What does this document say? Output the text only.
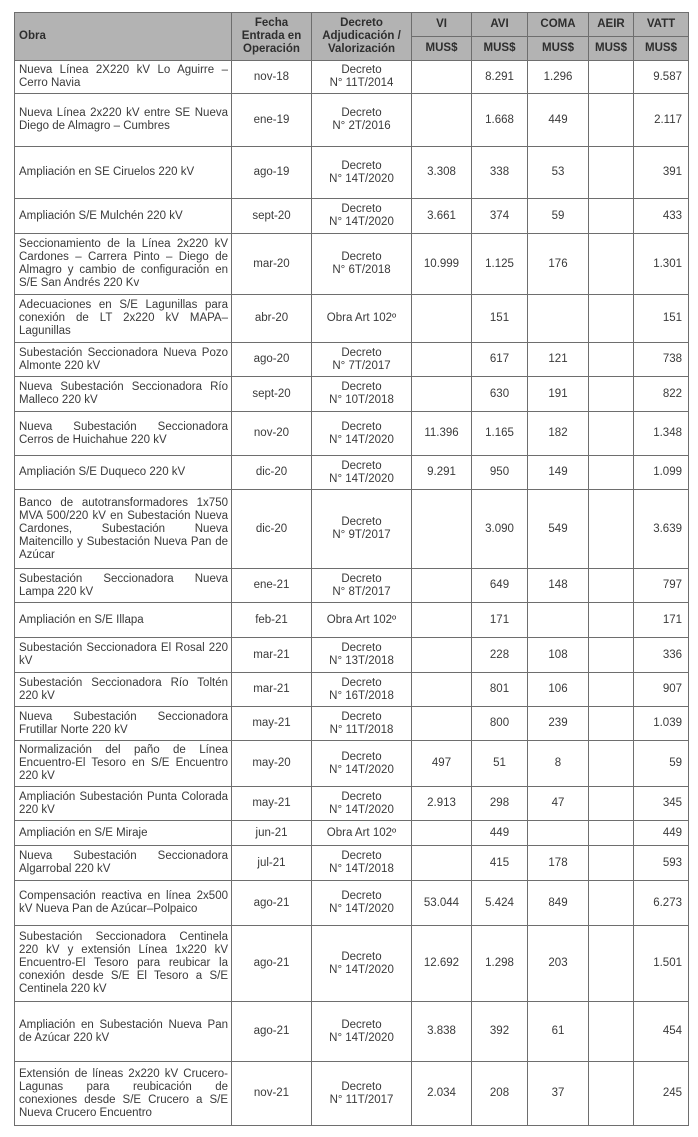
Obra	Fecha Entrada en Operación	Decreto Adjudicación / Valorización	VI	AVI	COMA	AEIR	VATT
			MUS$	MUS$	MUS$	MUS$	MUS$
Nueva Línea 2X220 kV Lo Aguirre – Cerro Navia	nov-18	Decreto
N° 11T/2014		8.291	1.296		9.587
Nueva Línea 2x220 kV entre SE Nueva Diego de Almagro – Cumbres	ene-19	Decreto
N° 2T/2016		1.668	449		2.117
Ampliación en SE Ciruelos 220 kV	ago-19	Decreto
N° 14T/2020	3.308	338	53		391
Ampliación S/E Mulchén 220 kV	sept-20	Decreto
N° 14T/2020	3.661	374	59		433
Seccionamiento de la Línea 2x220 kV Cardones – Carrera Pinto – Diego de Almagro y cambio de configuración en S/E San Andrés 220 Kv	mar-20	Decreto
N° 6T/2018	10.999	1.125	176		1.301
Adecuaciones en S/E Lagunillas para conexión de LT 2x220 kV MAPA–Lagunillas	abr-20	Obra Art 102º		151			151
Subestación Seccionadora Nueva Pozo Almonte 220 kV	ago-20	Decreto
N° 7T/2017		617	121		738
Nueva Subestación Seccionadora Río Malleco 220 kV	sept-20	Decreto
N° 10T/2018		630	191		822
Nueva Subestación Seccionadora Cerros de Huichahue 220 kV	nov-20	Decreto
N° 14T/2020	11.396	1.165	182		1.348
Ampliación S/E Duqueco 220 kV	dic-20	Decreto
N° 14T/2020	9.291	950	149		1.099
Banco de autotransformadores 1x750 MVA 500/220 kV en Subestación Nueva Cardones, Subestación Nueva Maitencillo y Subestación Nueva Pan de Azúcar	dic-20	Decreto
N° 9T/2017		3.090	549		3.639
Subestación Seccionadora Nueva Lampa 220 kV	ene-21	Decreto
N° 8T/2017		649	148		797
Ampliación en S/E Illapa	feb-21	Obra Art 102º		171			171
Subestación Seccionadora El Rosal 220 kV	mar-21	Decreto
N° 13T/2018		228	108		336
Subestación Seccionadora Río Toltén 220 kV	mar-21	Decreto
N° 16T/2018		801	106		907
Nueva Subestación Seccionadora Frutillar Norte 220 kV	may-21	Decreto
N° 11T/2018		800	239		1.039
Normalización del paño de Línea Encuentro-El Tesoro en S/E Encuentro 220 kV	may-20	Decreto
N° 14T/2020	497	51	8		59
Ampliación Subestación Punta Colorada 220 kV	may-21	Decreto
N° 14T/2020	2.913	298	47		345
Ampliación en S/E Miraje	jun-21	Obra Art 102º		449			449
Nueva Subestación Seccionadora Algarrobal 220 kV	jul-21	Decreto
N° 14T/2018		415	178		593
Compensación reactiva en línea 2x500 kV Nueva Pan de Azúcar–Polpaico	ago-21	Decreto
N° 14T/2020	53.044	5.424	849		6.273
Subestación Seccionadora Centinela 220 kV y extensión Línea 1x220 kV Encuentro-El Tesoro para reubicar la conexión desde S/E El Tesoro a S/E Centinela 220 kV	ago-21	Decreto
N° 14T/2020	12.692	1.298	203		1.501
Ampliación en Subestación Nueva Pan de Azúcar 220 kV	ago-21	Decreto
N° 14T/2020	3.838	392	61		454
Extensión de líneas 2x220 kV Crucero-Lagunas para reubicación de conexiones desde S/E Crucero a S/E Nueva Crucero Encuentro	nov-21	Decreto
N° 11T/2017	2.034	208	37		245
